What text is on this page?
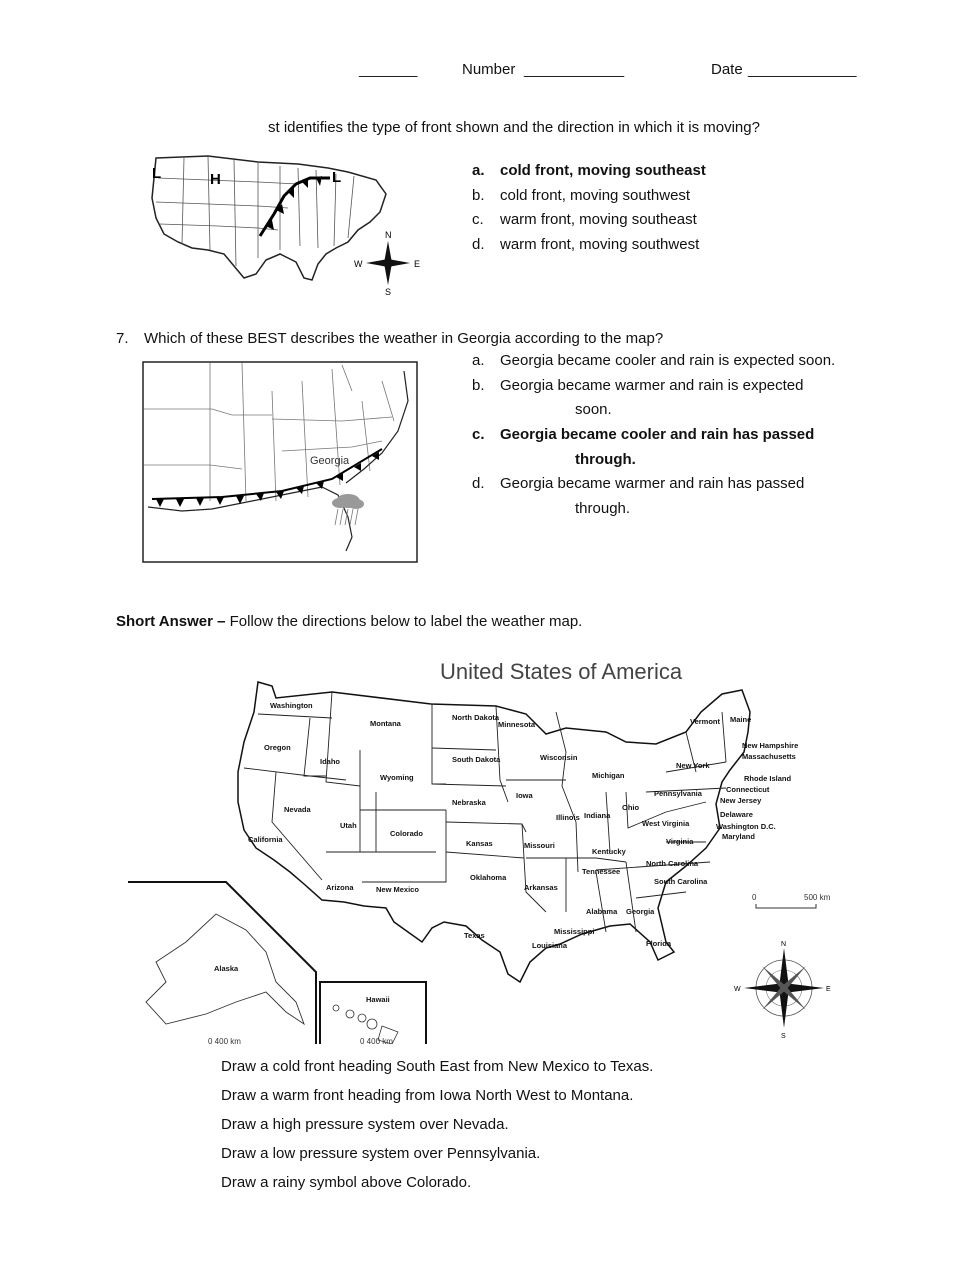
_______	Number ____________	Date _____________
st identifies the type of front shown and the direction in which it is moving?
L	H	L
N
S
E
W
a. cold front, moving southeast
b. cold front, moving southwest
c. warm front, moving southeast
d. warm front, moving southwest
7. Which of these BEST describes the weather in Georgia according to the map?
Georgia
a. Georgia became cooler and rain is expected soon.
b. Georgia became warmer and rain is expected
soon.
c. Georgia became cooler and rain has passed
through.
d. Georgia became warmer and rain has passed
through.
Short Answer – Follow the directions below to label the weather map.
United States of America
Washington
Oregon
California
Idaho
Nevada
Montana
Wyoming
Utah
Arizona
Colorado
New Mexico
North Dakota
South Dakota
Nebraska
Kansas
Oklahoma
Texas
Minnesota
Iowa
Missouri
Arkansas
Louisiana
Wisconsin
Illinois
Michigan
Indiana
Kentucky
Tennessee
Mississippi
Alabama
Ohio
Georgia
Florida
South Carolina
North Carolina
Virginia
West Virginia
Pennsylvania
New York
Vermont Maine
New Hampshire
Massachusetts
Rhode Island
Connecticut
New Jersey
Delaware
Washington D.C.
Maryland
Alaska
Hawaii
0	500 km
0 400 km	0 400 km
N
S
E
W
Draw a cold front heading South East from New Mexico to Texas.
Draw a warm front heading from Iowa North West to Montana.
Draw a high pressure system over Nevada.
Draw a low pressure system over Pennsylvania.
Draw a rainy symbol above Colorado.
